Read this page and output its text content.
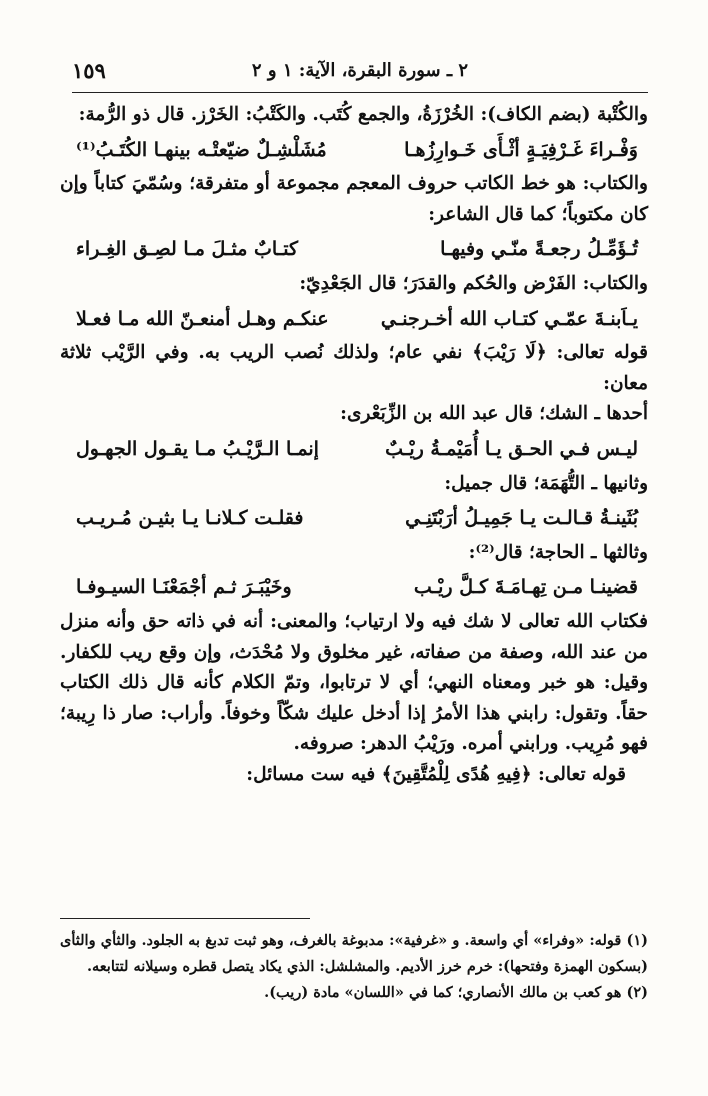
٢ ـ سورة البقرة، الآية: ١ و ٢
١٥٩

والكُتْبة (بضم الكاف): الخُرْزَةُ، والجمع كُتَب. والكَتْبُ: الخَرْز. قال ذو الرُّمة:

وَفْـراءَ غَـرْفِيَـةٍ أثْـأَى خَـوارِزُهـا
مُشَلْشِـلٌ ضيّعتْـه بينهـا الكُتَـبُ⁽¹⁾

والكتاب: هو خط الكاتب حروف المعجم مجموعة أو متفرقة؛ وسُمّيَ كتاباً وإن كان مكتوباً؛ كما قال الشاعر:

تُـؤَمِّـلُ رجعـةً منّـي وفيهـا
كتـابٌ مثـلَ مـا لصِـق الغِـراء

والكتاب: الفَرْض والحُكم والقدَرَ؛ قال الجَعْدِيّ:

يـاَبنـةَ عمّـي كتـاب الله أخـرجنـي
عنكـم وهـل أمنعـنّ الله مـا فعـلا

قوله تعالى: ﴿لَا رَيْبَ﴾ نفي عام؛ ولذلك نُصب الريب به. وفي الرَّيْب ثلاثة معان:

أحدها ـ الشك؛ قال عبد الله بن الزِّبَعْرى:

ليـس فـي الحـق يـا أُمَيْمـةُ ريْـبٌ
إنمـا الـرَّيْـبُ مـا يقـول الجهـول

وثانيها ـ التُّهَمَة؛ قال جميل:

بُثَينـةُ قـالـت يـا جَمِيـلُ أرَبْتَنِـي
فقلـت كـلانـا يـا بثيـن مُـريـب

وثالثها ـ الحاجة؛ قال⁽²⁾:

قضينـا مـن تِهـامَـةَ كـلَّ ريْـب
وخَيْبَـرَ ثـم أجْمَعْنَـا السيـوفـا

فكتاب الله تعالى لا شك فيه ولا ارتياب؛ والمعنى: أنه في ذاته حق وأنه منزل من عند الله، وصفة من صفاته، غير مخلوق ولا مُحْدَث، وإن وقع ريب للكفار. وقيل: هو خبر ومعناه النهي؛ أي لا ترتابوا، وتمّ الكلام كأنه قال ذلك الكتاب حقاً. وتقول: رابني هذا الأمرُ إذا أدخل عليك شكّاً وخوفاً. وأراب: صار ذا رِيبة؛ فهو مُرِيب. ورابني أمره. ورَيْبُ الدهر: صروفه.

قوله تعالى: ﴿فِيهِ هُدًى لِلْمُتَّقِينَ﴾ فيه ست مسائل:

(١) قوله: «وفراء» أي واسعة. و «غرفية»: مدبوغة بالغرف، وهو ثبت تدبغ به الجلود. والثأي والثأى (بسكون الهمزة وفتحها): خرم خرز الأديم. والمشلشل: الذي يكاد يتصل قطره وسيلانه لتتابعه.

(٢) هو كعب بن مالك الأنصاري؛ كما في «اللسان» مادة (ريب).
